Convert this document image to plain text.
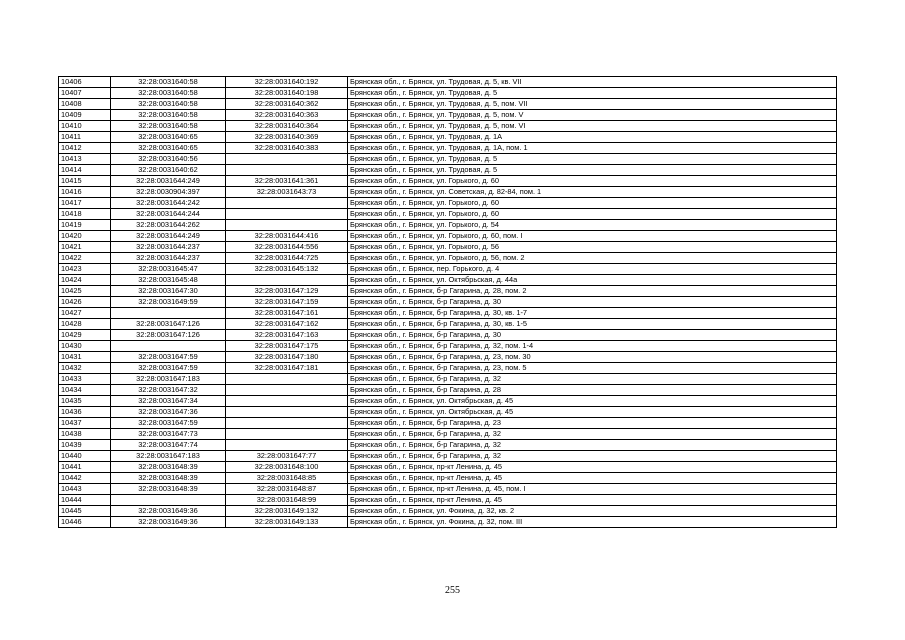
10406	32:28:0031640:58	32:28:0031640:192	Брянская обл., г. Брянск, ул. Трудовая, д. 5, кв. VII
10407	32:28:0031640:58	32:28:0031640:198	Брянская обл., г. Брянск, ул. Трудовая, д. 5
10408	32:28:0031640:58	32:28:0031640:362	Брянская обл., г. Брянск, ул. Трудовая, д. 5, пом. VII
10409	32:28:0031640:58	32:28:0031640:363	Брянская обл., г. Брянск, ул. Трудовая, д. 5, пом. V
10410	32:28:0031640:58	32:28:0031640:364	Брянская обл., г. Брянск, ул. Трудовая, д. 5, пом. VI
10411	32:28:0031640:65	32:28:0031640:369	Брянская обл., г. Брянск, ул. Трудовая, д. 1А
10412	32:28:0031640:65	32:28:0031640:383	Брянская обл., г. Брянск, ул. Трудовая, д. 1А, пом. 1
10413	32:28:0031640:56		Брянская обл., г. Брянск, ул. Трудовая, д. 5
10414	32:28:0031640:62		Брянская обл., г. Брянск, ул. Трудовая, д. 5
10415	32:28:0031644:249	32:28:0031641:361	Брянская обл., г. Брянск, ул. Горького, д. 60
10416	32:28:0030904:397	32:28:0031643:73	Брянская обл., г. Брянск, ул. Советская, д. 82-84, пом. 1
10417	32:28:0031644:242		Брянская обл., г. Брянск, ул. Горького, д. 60
10418	32:28:0031644:244		Брянская обл., г. Брянск, ул. Горького, д. 60
10419	32:28:0031644:262		Брянская обл., г. Брянск, ул. Горького, д. 54
10420	32:28:0031644:249	32:28:0031644:416	Брянская обл., г. Брянск, ул. Горького, д. 60, пом. I
10421	32:28:0031644:237	32:28:0031644:556	Брянская обл., г. Брянск, ул. Горького, д. 56
10422	32:28:0031644:237	32:28:0031644:725	Брянская обл., г. Брянск, ул. Горького, д. 56, пом. 2
10423	32:28:0031645:47	32:28:0031645:132	Брянская обл., г. Брянск, пер. Горького, д. 4
10424	32:28:0031645:48		Брянская обл., г. Брянск, ул. Октябрьская, д. 44а
10425	32:28:0031647:30	32:28:0031647:129	Брянская обл., г. Брянск, б-р Гагарина, д. 28, пом. 2
10426	32:28:0031649:59	32:28:0031647:159	Брянская обл., г. Брянск, б-р Гагарина, д. 30
10427		32:28:0031647:161	Брянская обл., г. Брянск, б-р Гагарина, д. 30, кв. 1-7
10428	32:28:0031647:126	32:28:0031647:162	Брянская обл., г. Брянск, б-р Гагарина, д. 30, кв. 1-5
10429	32:28:0031647:126	32:28:0031647:163	Брянская обл., г. Брянск, б-р Гагарина, д. 30
10430		32:28:0031647:175	Брянская обл., г. Брянск, б-р Гагарина, д. 32, пом. 1-4
10431	32:28:0031647:59	32:28:0031647:180	Брянская обл., г. Брянск, б-р Гагарина, д. 23, пом. 30
10432	32:28:0031647:59	32:28:0031647:181	Брянская обл., г. Брянск, б-р Гагарина, д. 23, пом. 5
10433	32:28:0031647:183		Брянская обл., г. Брянск, б-р Гагарина, д. 32
10434	32:28:0031647:32		Брянская обл., г. Брянск, б-р Гагарина, д. 28
10435	32:28:0031647:34		Брянская обл., г. Брянск, ул. Октябрьская, д. 45
10436	32:28:0031647:36		Брянская обл., г. Брянск, ул. Октябрьская, д. 45
10437	32:28:0031647:59		Брянская обл., г. Брянск, б-р Гагарина, д. 23
10438	32:28:0031647:73		Брянская обл., г. Брянск, б-р Гагарина, д. 32
10439	32:28:0031647:74		Брянская обл., г. Брянск, б-р Гагарина, д. 32
10440	32:28:0031647:183	32:28:0031647:77	Брянская обл., г. Брянск, б-р Гагарина, д. 32
10441	32:28:0031648:39	32:28:0031648:100	Брянская обл., г. Брянск, пр-кт Ленина, д. 45
10442	32:28:0031648:39	32:28:0031648:85	Брянская обл., г. Брянск, пр-кт Ленина, д. 45
10443	32:28:0031648:39	32:28:0031648:87	Брянская обл., г. Брянск, пр-кт Ленина, д. 45, пом. I
10444		32:28:0031648:99	Брянская обл., г. Брянск, пр-кт Ленина, д. 45
10445	32:28:0031649:36	32:28:0031649:132	Брянская обл., г. Брянск, ул. Фокина, д. 32, кв. 2
10446	32:28:0031649:36	32:28:0031649:133	Брянская обл., г. Брянск, ул. Фокина, д. 32, пом. III
255
